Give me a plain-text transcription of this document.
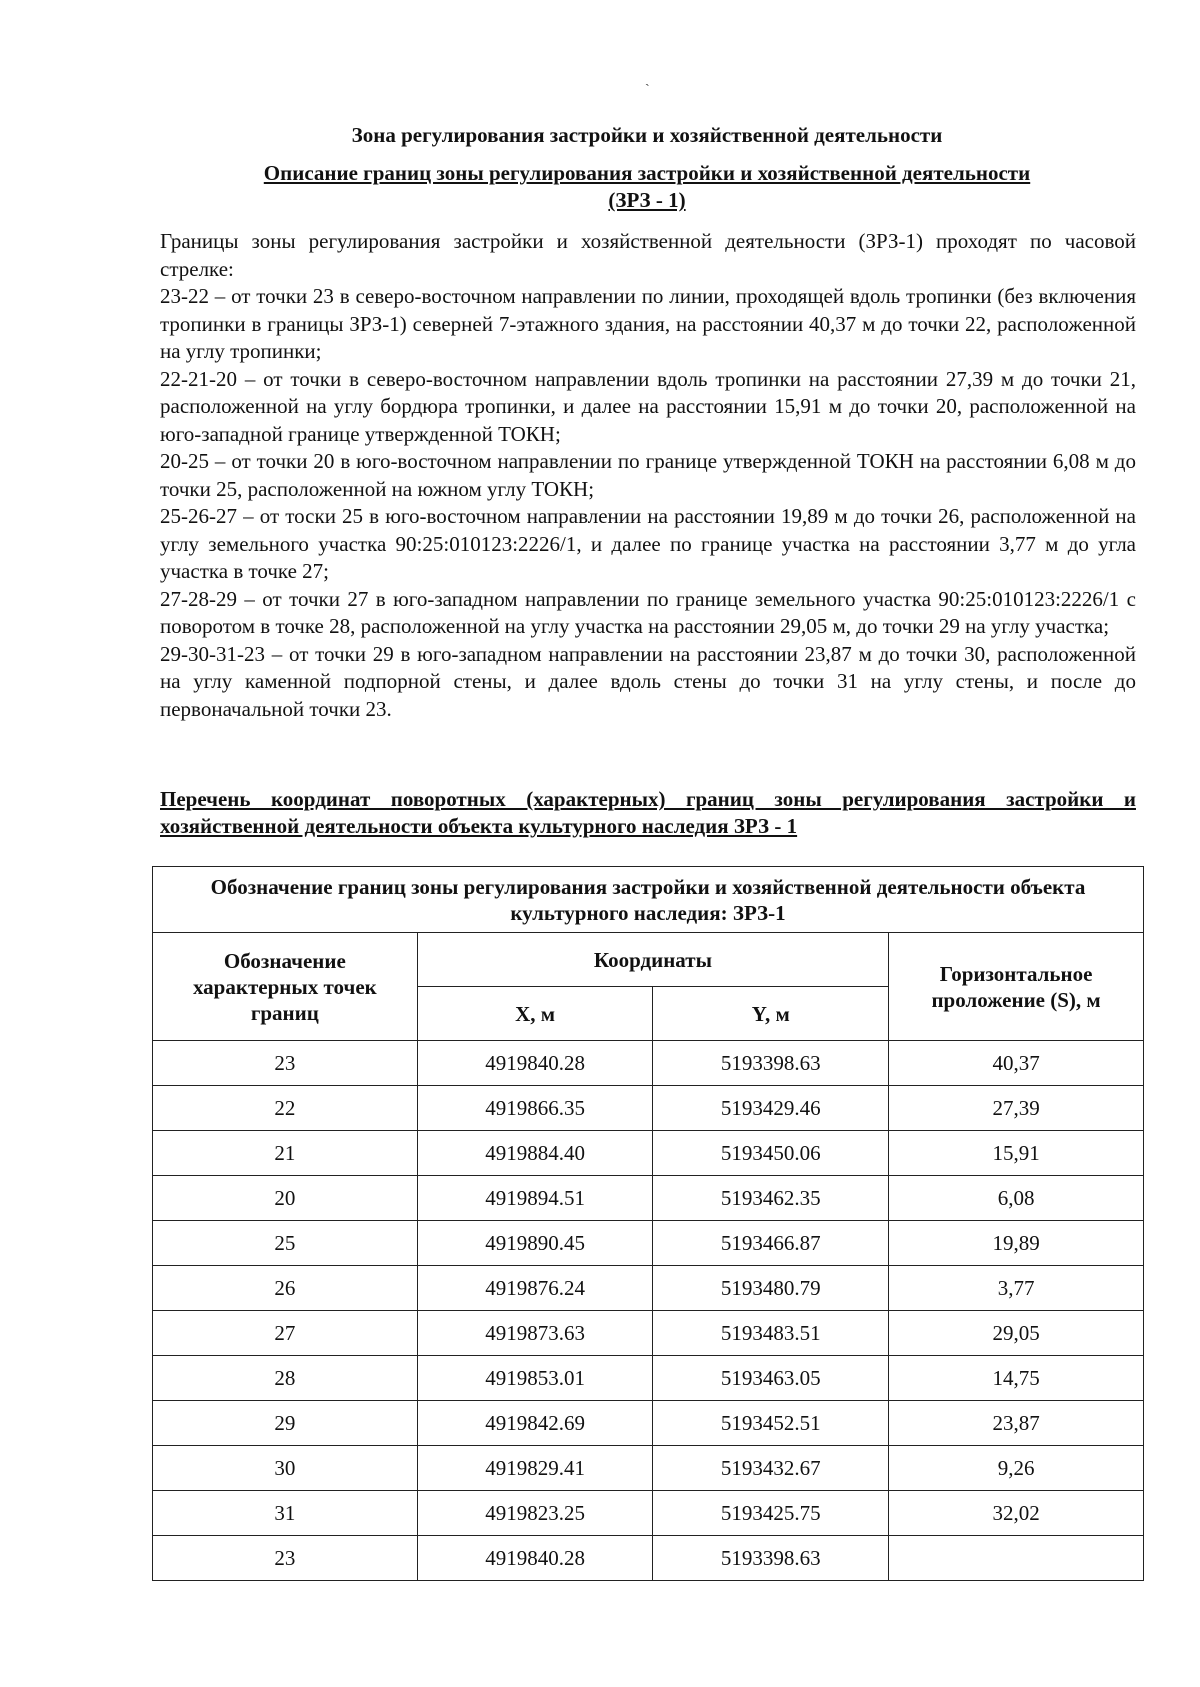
ˏ
Зона регулирования застройки и хозяйственной деятельности
Описание границ зоны регулирования застройки и хозяйственной деятельности
(ЗРЗ - 1)

Границы зоны регулирования застройки и хозяйственной деятельности (ЗРЗ-1) проходят по часовой стрелке:

23-22 – от точки 23 в северо-восточном направлении по линии, проходящей вдоль тропинки (без включения тропинки в границы ЗРЗ-1) северней 7-этажного здания, на расстоянии 40,37 м до точки 22, расположенной на углу тропинки;

22-21-20 – от точки в северо-восточном направлении вдоль тропинки на расстоянии 27,39 м до точки 21, расположенной на углу бордюра тропинки, и далее на расстоянии 15,91 м до точки 20, расположенной на юго-западной границе утвержденной ТОКН;

20-25 – от точки 20 в юго-восточном направлении по границе утвержденной ТОКН на расстоянии 6,08 м до точки 25, расположенной на южном углу ТОКН;

25-26-27 – от тоски 25 в юго-восточном направлении на расстоянии 19,89 м до точки 26, расположенной на углу земельного участка 90:25:010123:2226/1, и далее по границе участка на расстоянии 3,77 м до угла участка в точке 27;

27-28-29 – от точки 27 в юго-западном направлении по границе земельного участка 90:25:010123:2226/1 с поворотом в точке 28, расположенной на углу участка на расстоянии 29,05 м, до точки 29 на углу участка;

29-30-31-23 – от точки 29 в юго-западном направлении на расстоянии 23,87 м до точки 30, расположенной на углу каменной подпорной стены, и далее вдоль стены до точки 31 на углу стены, и после до первоначальной точки 23.

Перечень координат поворотных (характерных) границ зоны регулирования застройки и хозяйственной деятельности объекта культурного наследия ЗРЗ - 1
Обозначение границ зоны регулирования застройки и хозяйственной деятельности объекта культурного наследия: ЗРЗ-1			
Обозначение характерных точек границ	Координаты		Горизонтальное проложение (S), м
	X, м	Y, м	
23	4919840.28	5193398.63	40,37
22	4919866.35	5193429.46	27,39
21	4919884.40	5193450.06	15,91
20	4919894.51	5193462.35	6,08
25	4919890.45	5193466.87	19,89
26	4919876.24	5193480.79	3,77
27	4919873.63	5193483.51	29,05
28	4919853.01	5193463.05	14,75
29	4919842.69	5193452.51	23,87
30	4919829.41	5193432.67	9,26
31	4919823.25	5193425.75	32,02
23	4919840.28	5193398.63	
